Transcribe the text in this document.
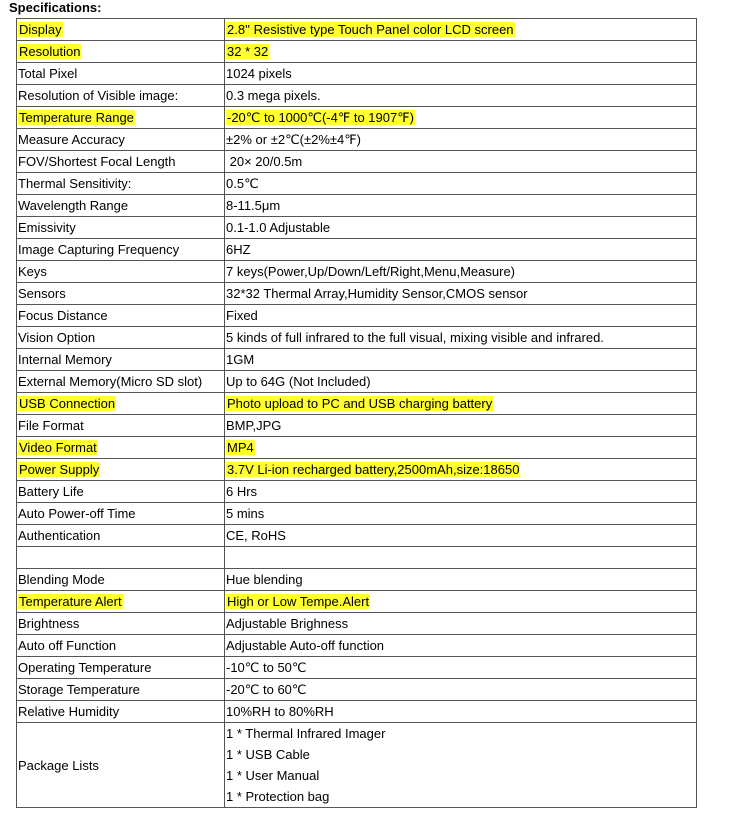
Specifications:
Display	2.8'' Resistive type Touch Panel color LCD screen
Resolution	32 * 32
Total Pixel	1024 pixels
Resolution of Visible image:	0.3 mega pixels.
Temperature Range	-20℃ to 1000℃(-4℉ to 1907℉)
Measure Accuracy	±2% or ±2℃(±2%±4℉)
FOV/Shortest Focal Length	20× 20/0.5m
Thermal Sensitivity:	0.5℃
Wavelength Range	8-11.5μm
Emissivity	0.1-1.0 Adjustable
Image Capturing Frequency	6HZ
Keys	7 keys(Power,Up/Down/Left/Right,Menu,Measure)
Sensors	32*32 Thermal Array,Humidity Sensor,CMOS sensor
Focus Distance	Fixed
Vision Option	5 kinds of full infrared to the full visual, mixing visible and infrared.
Internal Memory	1GM
External Memory(Micro SD slot)	Up to 64G (Not Included)
USB Connection	Photo upload to PC and USB charging battery
File Format	BMP,JPG
Video Format	MP4
Power Supply	3.7V Li-ion recharged battery,2500mAh,size:18650
Battery Life	6 Hrs
Auto Power-off Time	5 mins
Authentication	CE, RoHS

Blending Mode	Hue blending
Temperature Alert	High or Low Tempe.Alert
Brightness	Adjustable Brighness
Auto off Function	Adjustable Auto-off function
Operating Temperature	-10℃ to 50℃
Storage Temperature	-20℃ to 60℃
Relative Humidity	10%RH to 80%RH
Package Lists	1 * Thermal Infrared Imager
1 * USB Cable
1 * User Manual
1 * Protection bag
